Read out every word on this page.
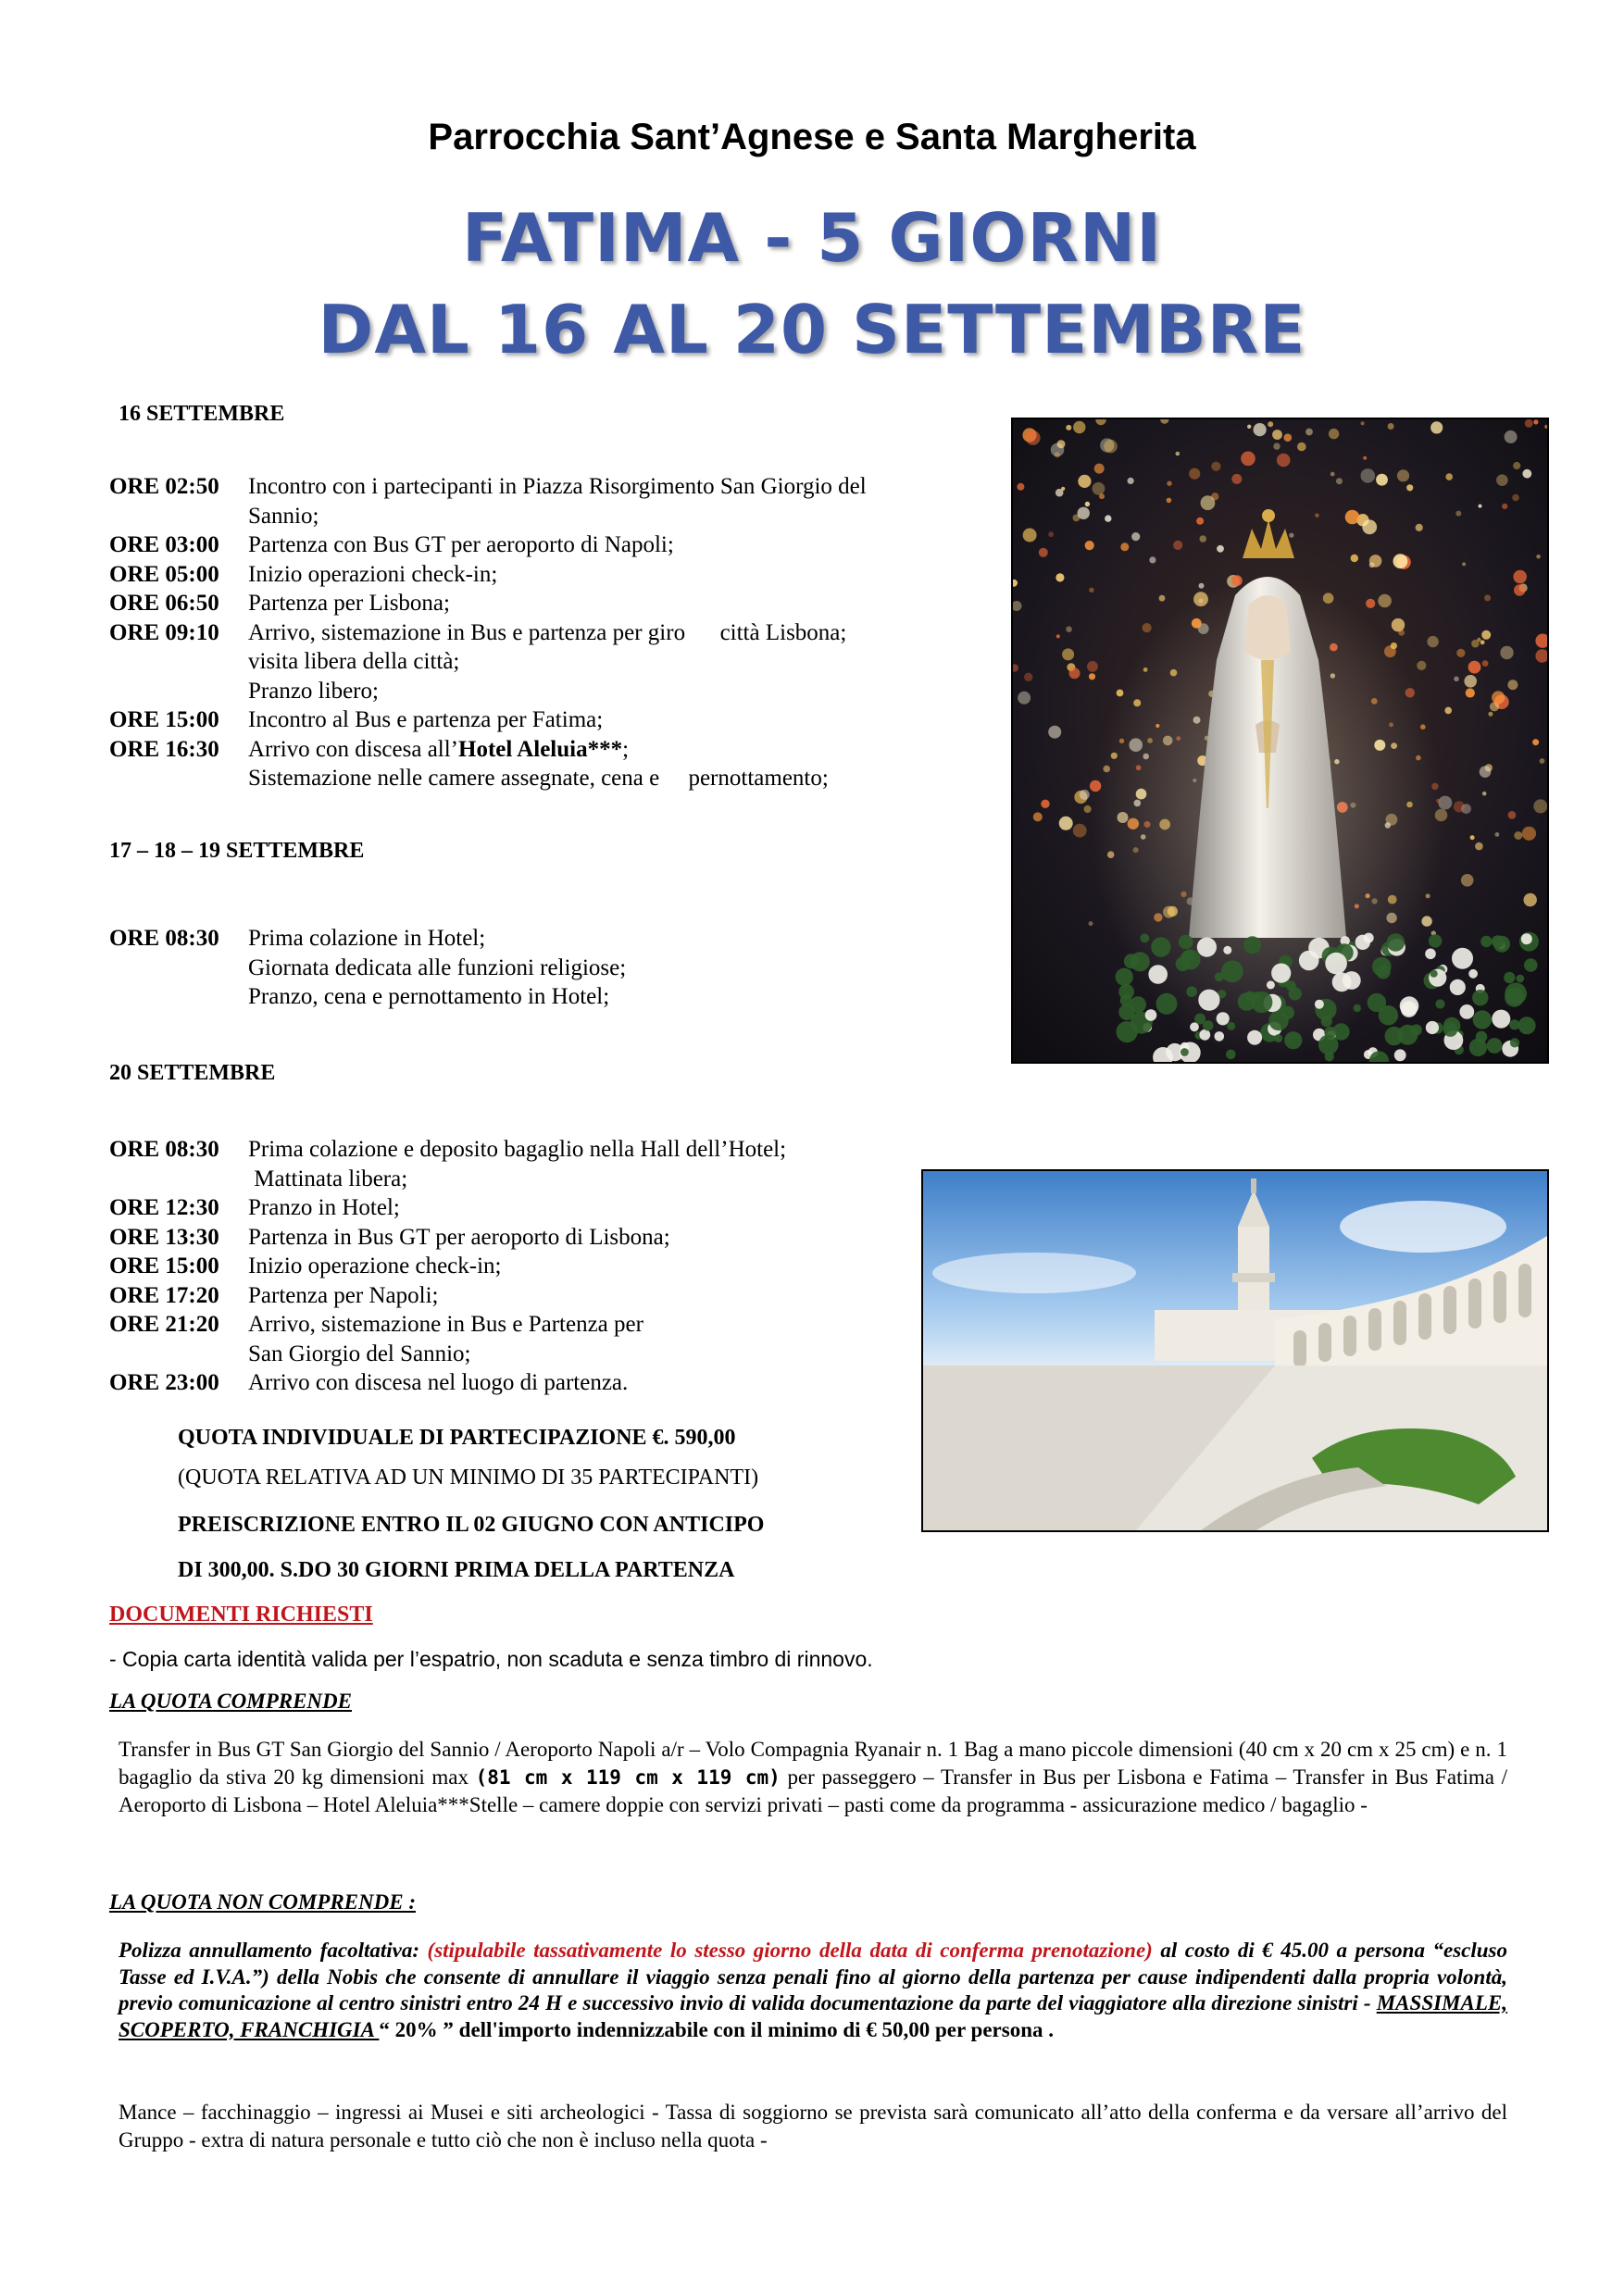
Parrocchia Sant’Agnese e Santa Margherita
FATIMA - 5 GIORNI
DAL 16 AL 20 SETTEMBRE
16 SETTEMBRE
ORE 02:50	Incontro con i partecipanti in Piazza Risorgimento San Giorgio del
Sannio;
ORE 03:00	Partenza con Bus GT per aeroporto di Napoli;
ORE 05:00	Inizio operazioni check-in;
ORE 06:50	Partenza per Lisbona;
ORE 09:10	Arrivo, sistemazione in Bus e partenza per giro      città Lisbona;
visita libera della città;
Pranzo libero;
ORE 15:00	Incontro al Bus e partenza per Fatima;
ORE 16:30	Arrivo con discesa all’Hotel Aleluia***;
Sistemazione nelle camere assegnate, cena e     pernottamento;
17 – 18 – 19 SETTEMBRE
ORE 08:30	Prima colazione in Hotel;
Giornata dedicata alle funzioni religiose;
Pranzo, cena e pernottamento in Hotel;
20 SETTEMBRE
ORE 08:30	Prima colazione e deposito bagaglio nella Hall dell’Hotel;
Mattinata libera;
ORE 12:30	Pranzo in Hotel;
ORE 13:30	Partenza in Bus GT per aeroporto di Lisbona;
ORE 15:00	Inizio operazione check-in;
ORE 17:20	Partenza per Napoli;
ORE 21:20	Arrivo, sistemazione in Bus e Partenza per
San Giorgio del Sannio;
ORE 23:00	Arrivo con discesa nel luogo di partenza.
QUOTA INDIVIDUALE DI PARTECIPAZIONE €. 590,00
(QUOTA RELATIVA AD UN MINIMO DI 35 PARTECIPANTI)
PREISCRIZIONE ENTRO IL 02 GIUGNO CON ANTICIPO
DI 300,00. S.DO 30 GIORNI PRIMA DELLA PARTENZA
DOCUMENTI RICHIESTI
- Copia carta identità valida per l’espatrio, non scaduta e senza timbro di rinnovo.
LA QUOTA COMPRENDE
Transfer in Bus GT San Giorgio del Sannio / Aeroporto Napoli a/r – Volo Compagnia Ryanair n. 1 Bag a mano piccole dimensioni (40 cm x 20 cm x 25 cm) e n. 1 bagaglio da stiva 20 kg dimensioni max (81 cm x 119 cm x 119 cm) per passeggero – Transfer in Bus per Lisbona e Fatima – Transfer in Bus Fatima / Aeroporto di Lisbona – Hotel Aleluia***Stelle – camere doppie con servizi privati – pasti come da programma - assicurazione medico / bagaglio -
LA QUOTA NON COMPRENDE :
Polizza annullamento facoltativa: (stipulabile tassativamente lo stesso giorno della data di conferma prenotazione) al costo di € 45.00 a persona “escluso Tasse ed I.V.A.”) della Nobis che consente di annullare il viaggio senza penali fino al giorno della partenza per cause indipendenti dalla propria volontà, previo comunicazione al centro sinistri entro 24 H e successivo invio di valida documentazione da parte del viaggiatore alla direzione sinistri - MASSIMALE, SCOPERTO, FRANCHIGIA “ 20% ” dell'importo indennizzabile con il minimo di € 50,00 per persona .
Mance – facchinaggio – ingressi ai Musei e siti archeologici - Tassa di soggiorno se prevista sarà comunicato all’atto della conferma e da versare all’arrivo del Gruppo - extra di natura personale e tutto ciò che non è incluso nella quota -
